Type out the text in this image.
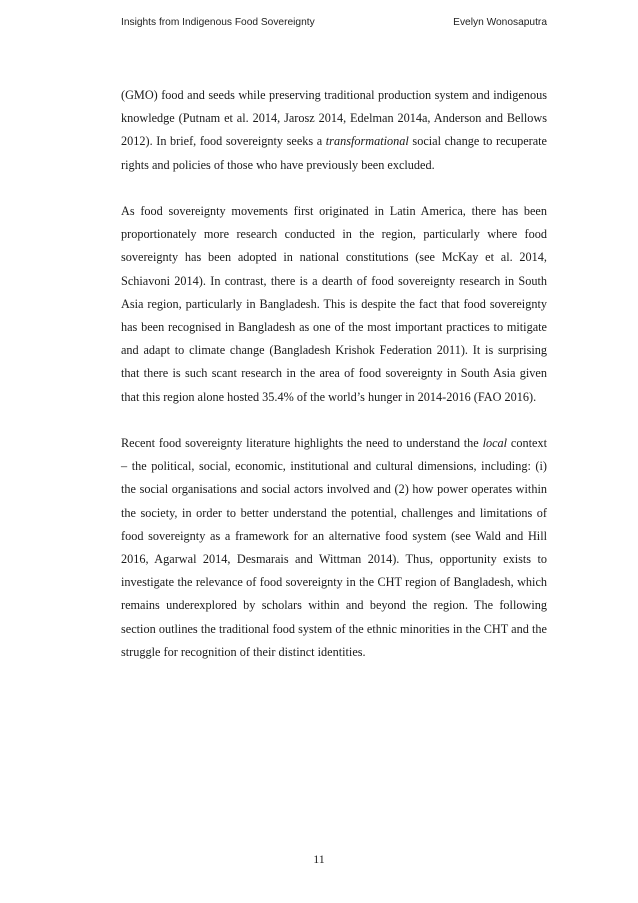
Insights from Indigenous Food Sovereignty	Evelyn Wonosaputra

(GMO) food and seeds while preserving traditional production system and indigenous knowledge (Putnam et al. 2014, Jarosz 2014, Edelman 2014a, Anderson and Bellows 2012). In brief, food sovereignty seeks a transformational social change to recuperate rights and policies of those who have previously been excluded.

As food sovereignty movements first originated in Latin America, there has been proportionately more research conducted in the region, particularly where food sovereignty has been adopted in national constitutions (see McKay et al. 2014, Schiavoni 2014). In contrast, there is a dearth of food sovereignty research in South Asia region, particularly in Bangladesh. This is despite the fact that food sovereignty has been recognised in Bangladesh as one of the most important practices to mitigate and adapt to climate change (Bangladesh Krishok Federation 2011). It is surprising that there is such scant research in the area of food sovereignty in South Asia given that this region alone hosted 35.4% of the world’s hunger in 2014-2016 (FAO 2016).

Recent food sovereignty literature highlights the need to understand the local context – the political, social, economic, institutional and cultural dimensions, including: (i) the social organisations and social actors involved and (2) how power operates within the society, in order to better understand the potential, challenges and limitations of food sovereignty as a framework for an alternative food system (see Wald and Hill 2016, Agarwal 2014, Desmarais and Wittman 2014). Thus, opportunity exists to investigate the relevance of food sovereignty in the CHT region of Bangladesh, which remains underexplored by scholars within and beyond the region. The following section outlines the traditional food system of the ethnic minorities in the CHT and the struggle for recognition of their distinct identities.

11
